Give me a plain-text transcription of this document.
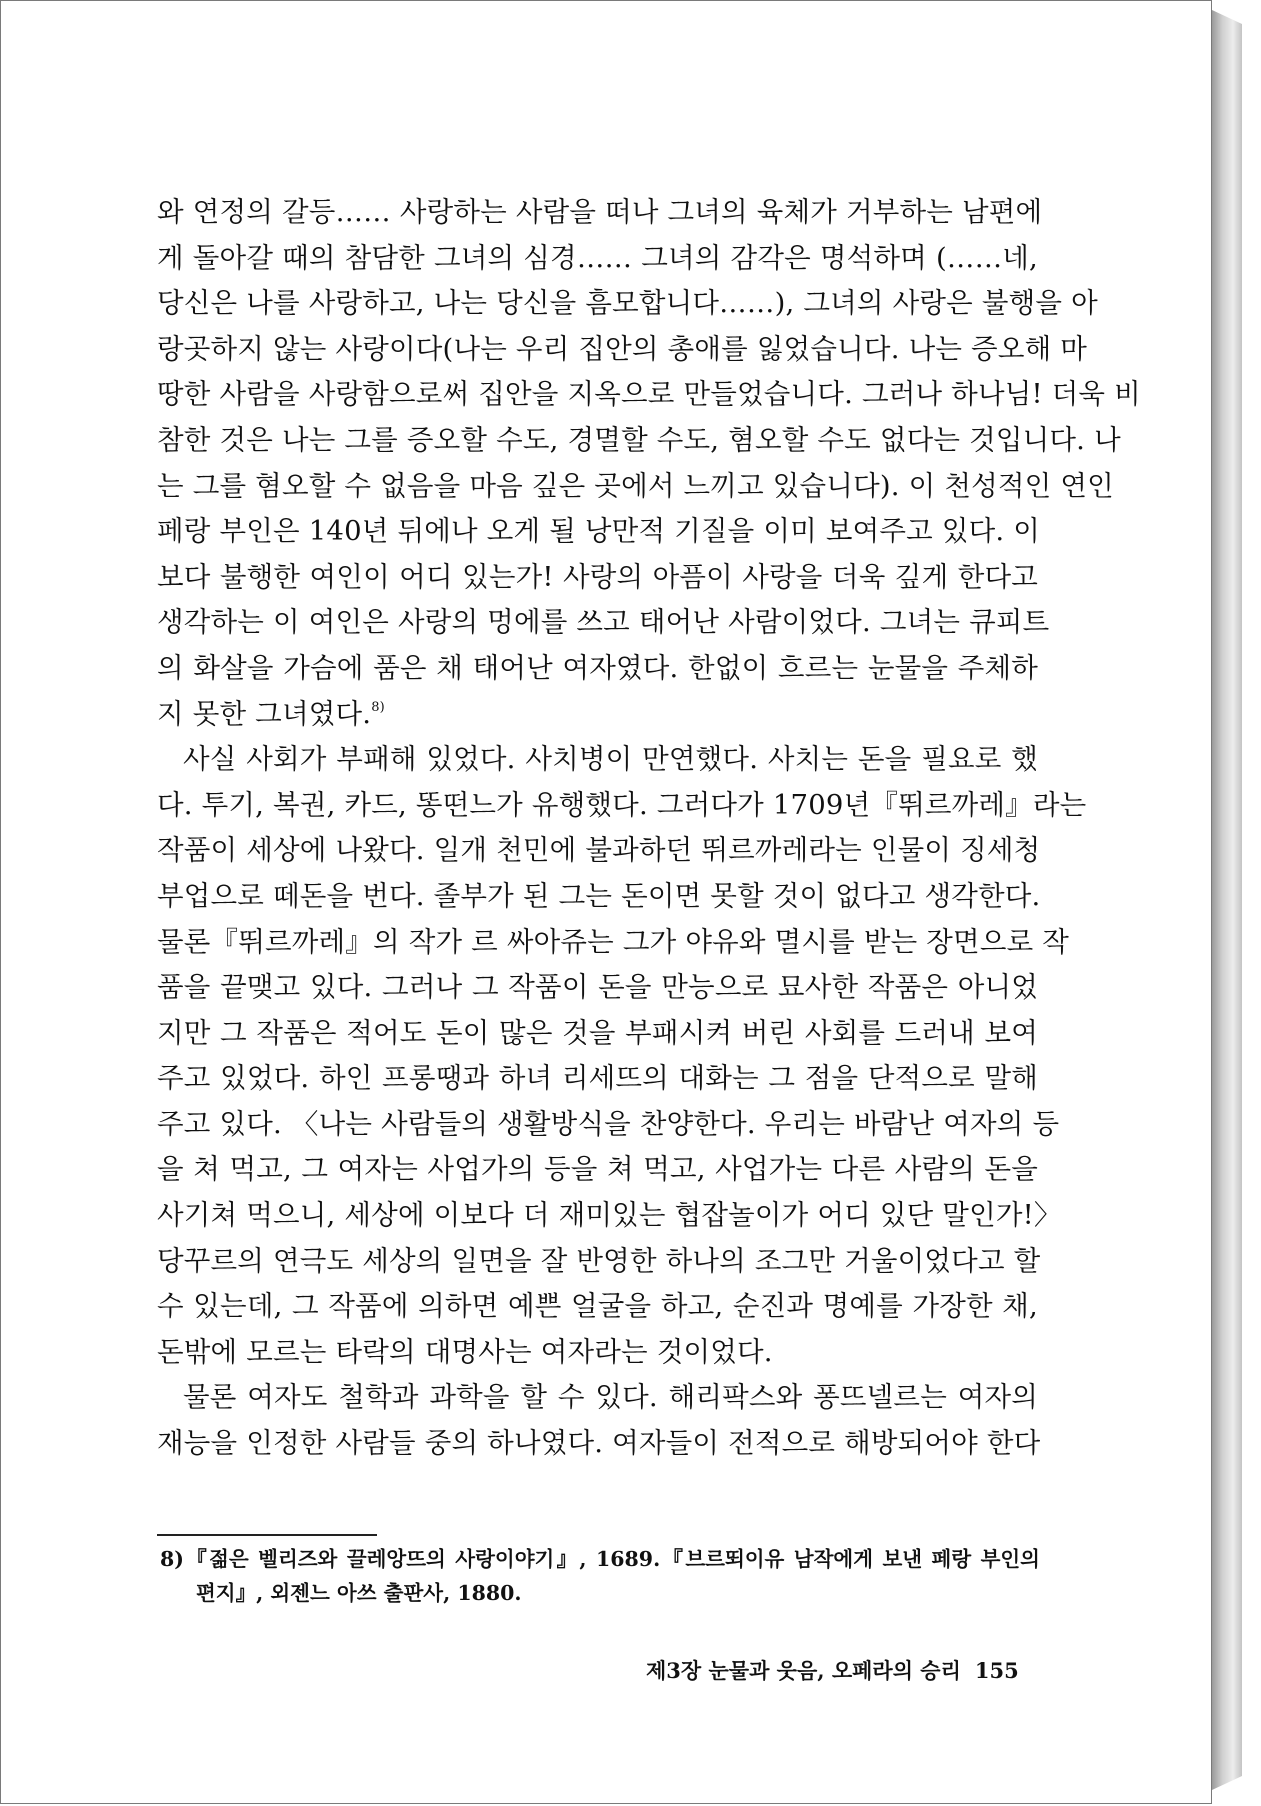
와 연정의 갈등…… 사랑하는 사람을 떠나 그녀의 육체가 거부하는 남편에
게 돌아갈 때의 참담한 그녀의 심경…… 그녀의 감각은 명석하며 (……네,
당신은 나를 사랑하고, 나는 당신을 흠모합니다……), 그녀의 사랑은 불행을 아
랑곳하지 않는 사랑이다(나는 우리 집안의 총애를 잃었습니다. 나는 증오해 마
땅한 사람을 사랑함으로써 집안을 지옥으로 만들었습니다. 그러나 하나님! 더욱 비
참한 것은 나는 그를 증오할 수도, 경멸할 수도, 혐오할 수도 없다는 것입니다. 나
는 그를 혐오할 수 없음을 마음 깊은 곳에서 느끼고 있습니다). 이 천성적인 연인
페랑 부인은 140년 뒤에나 오게 될 낭만적 기질을 이미 보여주고 있다. 이
보다 불행한 여인이 어디 있는가! 사랑의 아픔이 사랑을 더욱 깊게 한다고
생각하는 이 여인은 사랑의 멍에를 쓰고 태어난 사람이었다. 그녀는 큐피트
의 화살을 가슴에 품은 채 태어난 여자였다. 한없이 흐르는 눈물을 주체하
지 못한 그녀였다.$^{8)}$
사실 사회가 부패해 있었다. 사치병이 만연했다. 사치는 돈을 필요로 했
다. 투기, 복권, 카드, 똥떤느가 유행했다. 그러다가 1709년『뛰르까레』라는
작품이 세상에 나왔다. 일개 천민에 불과하던 뛰르까레라는 인물이 징세청
부업으로 떼돈을 번다. 졸부가 된 그는 돈이면 못할 것이 없다고 생각한다.
물론『뛰르까레』의 작가 르 싸아쥬는 그가 야유와 멸시를 받는 장면으로 작
품을 끝맺고 있다. 그러나 그 작품이 돈을 만능으로 묘사한 작품은 아니었
지만 그 작품은 적어도 돈이 많은 것을 부패시켜 버린 사회를 드러내 보여
주고 있었다. 하인 프롱땡과 하녀 리세뜨의 대화는 그 점을 단적으로 말해
주고 있다. 〈나는 사람들의 생활방식을 찬양한다. 우리는 바람난 여자의 등
을 쳐 먹고, 그 여자는 사업가의 등을 쳐 먹고, 사업가는 다른 사람의 돈을
사기쳐 먹으니, 세상에 이보다 더 재미있는 협잡놀이가 어디 있단 말인가!〉
당꾸르의 연극도 세상의 일면을 잘 반영한 하나의 조그만 거울이었다고 할
수 있는데, 그 작품에 의하면 예쁜 얼굴을 하고, 순진과 명예를 가장한 채,
돈밖에 모르는 타락의 대명사는 여자라는 것이었다.
물론 여자도 철학과 과학을 할 수 있다. 해리팍스와 퐁뜨넬르는 여자의
재능을 인정한 사람들 중의 하나였다. 여자들이 전적으로 해방되어야 한다
8)『젊은 벨리즈와 끌레앙뜨의 사랑이야기』, 1689.『브르뙤이유 남작에게 보낸 페랑 부인의
편지』, 외젠느 아쓰 출판사, 1880.
제3장 눈물과 웃음, 오페라의 승리 155
